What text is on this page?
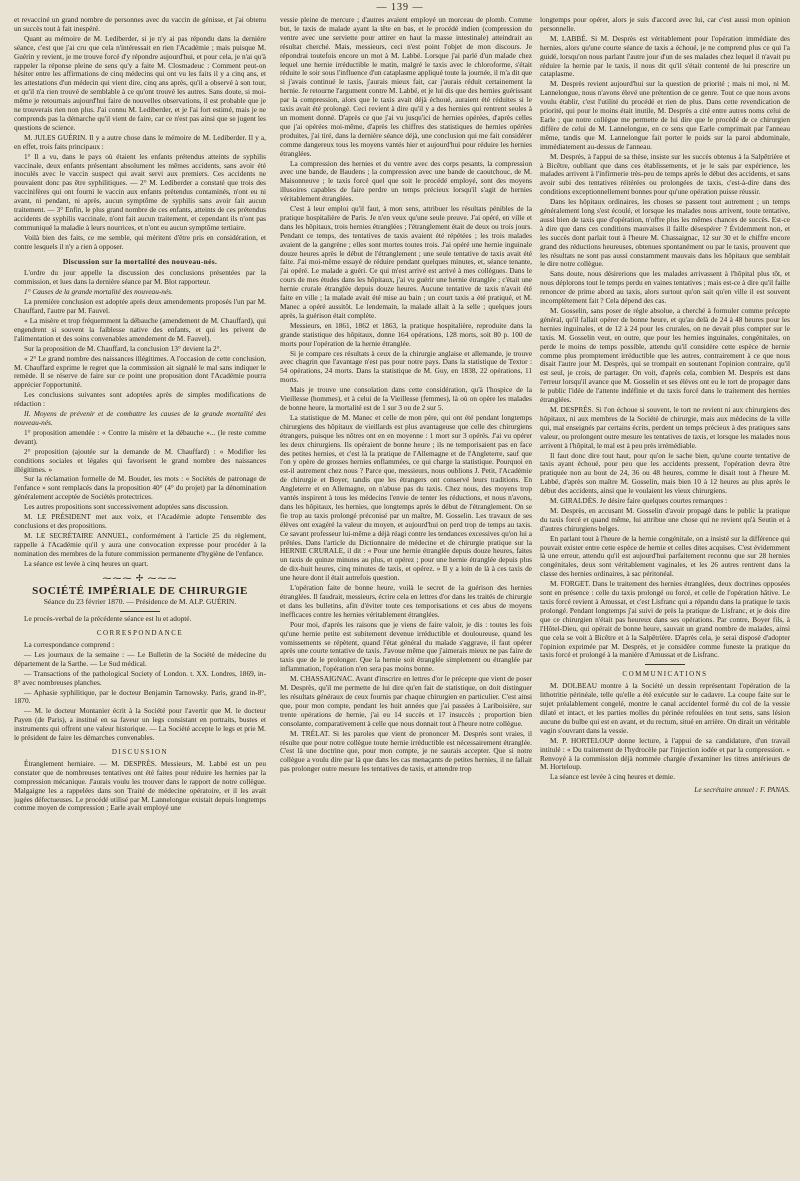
— 139 —

et revacciné un grand nombre de personnes avec du vaccin de génisse, et j'ai obtenu un succès tout à fait inespéré.

Quant au mémoire de M. Lediberder, si je n'y ai pas répondu dans la dernière séance, c'est que j'ai cru que cela n'intéressait en rien l'Académie ; mais puisque M. Guérin y revient, je me trouve forcé d'y répondre aujourd'hui, et pour cela, je n'ai qu'à rappeler la réponse pleine de sens qu'y a faite M. Closmadeuc : Comment peut-on hésiter entre les affirmations de cinq médecins qui ont vu les faits il y a cinq ans, et les attestations d'un médecin qui vient dire, cinq ans après, qu'il a observé à son tour, et qu'il n'a rien trouvé de semblable à ce qu'ont trouvé les autres. Sans doute, si moi-même je retournais aujourd'hui faire de nouvelles observations, il est probable que je ne trouverais rien non plus. J'ai connu M. Lediberder, et je l'ai fort estimé, mais je ne comprends pas la démarche qu'il vient de faire, car ce n'est pas ainsi que se jugent les questions de science.

M. JULES GUÉRIN. Il y a autre chose dans le mémoire de M. Lediberder. Il y a, en effet, trois faits principaux :

1° Il a vu, dans le pays où étaient les enfants prétendus atteints de syphilis vaccinale, deux enfants présentant absolument les mêmes accidents, sans avoir été inoculés avec le vaccin suspect qui avait servi aux premiers. Ces accidents ne pouvaient donc pas être syphilitiques. — 2° M. Lediberder a constaté que trois des vaccinifères qui ont fourni le vaccin aux enfants prétendus contaminés, n'ont eu ni avant, ni pendant, ni après, aucun symptôme de syphilis sans avoir fait aucun traitement. — 3° Enfin, le plus grand nombre de ces enfants, atteints de ces prétendus accidents de syphilis vaccinale, n'ont fait aucun traitement, et cependant ils n'ont pas communiqué la maladie à leurs nourrices, et n'ont eu aucun symptôme tertiaire.

Voilà bien des faits, ce me semble, qui méritent d'être pris en considération, et contre lesquels il n'y a rien à opposer.

Discussion sur la mortalité des nouveau-nés.

L'ordre du jour appelle la discussion des conclusions présentées par la commission, et lues dans la dernière séance par M. Blot rapporteur.

1° Causes de la grande mortalité des nouveau-nés.

La première conclusion est adoptée après deux amendements proposés l'un par M. Chauffard, l'autre par M. Fauvel.

« La misère et trop fréquemment la débauche (amendement de M. Chauffard), qui engendrent si souvent la faiblesse native des enfants, et qui les privent de l'alimentation et des soins convenables amendement de M. Fauvel).

Sur la proposition de M. Chauffard, la conclusion 13° devient la 2°.

« 2° Le grand nombre des naissances illégitimes. A l'occasion de cette conclusion, M. Chauffard exprime le regret que la commission ait signalé le mal sans indiquer le remède. Il se réserve de faire sur ce point une proposition dont l'Académie pourra apprécier l'opportunité.

Les conclusions suivantes sont adoptées après de simples modifications de rédaction :

II. Moyens de prévenir et de combattre les causes de la grande mortalité des nouveau-nés.

1° proposition amendée : « Contre la misère et la débauche »... (le reste comme devant).

2° proposition (ajoutée sur la demande de M. Chauffard) : « Modifier les conditions sociales et légales qui favorisent le grand nombre des naissances illégitimes. »

Sur la réclamation formelle de M. Boudet, les mots : « Sociétés de patronage de l'enfance » sont remplacés dans la proposition 40° (4° du projet) par la dénomination généralement acceptée de Sociétés protectrices.

Les autres propositions sont successivement adoptées sans discussion.

M. LE PRÉSIDENT met aux voix, et l'Académie adopte l'ensemble des conclusions et des propositions.

M. LE SECRÉTAIRE ANNUEL, conformément à l'article 25 du règlement, rappelle à l'Académie qu'il y aura une convocation expresse pour procéder à la nomination des membres de la future commission permanente d'hygiène de l'enfance.

La séance est levée à cinq heures un quart.

⁓⁓⁓ ✢ ⁓⁓⁓
SOCIÉTÉ IMPÉRIALE DE CHIRURGIE
Séance du 23 février 1870. — Présidence de M. ALP. GUÉRIN.

Le procès-verbal de la précédente séance est lu et adopté.

CORRESPONDANCE

La correspondance comprend :

— Les journaux de la semaine : — Le Bulletin de la Société de médecine du département de la Sarthe. — Le Sud médical.

— Transactions of the pathological Society of London. t. XX. Londres, 1869, in-8° avec nombreuses planches.

— Aphasie syphilitique, par le docteur Benjamin Tarnowsky. Paris, grand in-8°, 1870.

— M. le docteur Montanier écrit à la Société pour l'avertir que M. le docteur Payen (de Paris), a institué en sa faveur un legs consistant en portraits, bustes et instruments qui offrent une valeur historique. — La Société accepte le legs et prie M. le président de faire les démarches convenables.

DISCUSSION

Étranglement herniaire. — M. DESPRÈS. Messieurs, M. Labbé est un peu constater que de nombreuses tentatives ont été faites pour réduire les hernies par la compression mécanique. J'aurais voulu les trouver dans le rapport de notre collègue. Malgaigne les a rappelées dans son Traité de médecine opératoire, et il les avait jugées défectueuses. Le procédé utilisé par M. Lannelongue existait depuis longtemps comme moyen de compression ; Earle avait employé une

vessie pleine de mercure ; d'autres avaient employé un morceau de plomb. Comme but, le taxis de malade ayant la tête en bas, et le procédé indien (compression du ventre avec une serviette pour attirer en haut la masse intestinale) atteindrait au résultat cherché. Mais, messieurs, ceci n'est point l'objet de mon discours. Je répondrai toutefois encore un mot à M. Labbé. Lorsque j'ai parlé d'un malade chez lequel une hernie irréductible le matin, malgré le taxis avec le chloroforme, s'était réduite le soir sous l'influence d'un cataplasme appliqué toute la journée, il m'a dit que si j'avais continué le taxis, j'aurais mieux fait, car j'aurais réduit certainement la hernie. Je retourne l'argument contre M. Labbé, et je lui dis que des hernies guérissant par la compression, alors que le taxis avait déjà échoué, auraient été réduites si le taxis avait été prolongé. Ceci revient à dire qu'il y a des hernies qui rentrent seules à un moment donné. D'après ce que j'ai vu jusqu'ici de hernies opérées, d'après celles que j'ai opérées moi-même, d'après les chiffres des statistiques de hernies opérées produites, j'ai tiré, dans la dernière séance déjà, une conclusion qui me fait considérer comme dangereux tous les moyens vantés hier et aujourd'hui pour réduire les hernies étranglées.

La compression des hernies et du ventre avec des corps pesants, la compression avec une bande, de Baudens ; la compression avec une bande de caoutchouc, de M. Maisonneuve ; le taxis forcé quel que soit le procédé employé, sont des moyens illusoires capables de faire perdre un temps précieux lorsqu'il s'agit de hernies véritablement étranglées.

C'est à leur emploi qu'il faut, à mon sens, attribuer les résultats pénibles de la pratique hospitalière de Paris. Je n'en veux qu'une seule preuve. J'ai opéré, en ville et dans les hôpitaux, trois hernies étranglées ; l'étranglement était de deux ou trois jours. Pendant ce temps, des tentatives de taxis avaient été répétées ; les trois malades avaient de la gangrène ; elles sont mortes toutes trois. J'ai opéré une hernie inguinale douze heures après le début de l'étranglement ; une seule tentative de taxis avait été faite. J'ai moi-même essayé de réduire pendant quelques minutes, et, séance tenante, j'ai opéré. Le malade a guéri. Ce qui m'est arrivé est arrivé à mes collègues. Dans le cours de mes études dans les hôpitaux, j'ai vu guérir une hernie étranglée ; c'était une hernie crurale étranglée depuis douze heures. Aucune tentative de taxis n'avait été faite en ville ; la malade avait été mise au bain ; un court taxis a été pratiqué, et M. Manec a opéré aussitôt. Le lendemain, la malade allait à la selle ; quelques jours après, la guérison était complète.

Messieurs, en 1861, 1862 et 1863, la pratique hospitalière, reproduite dans la grande statistique des hôpitaux, donne 164 opérations, 128 morts, soit 80 p. 100 de morts pour l'opération de la hernie étranglée.

Si je compare ces résultats à ceux de la chirurgie anglaise et allemande, je trouve avec chagrin que l'avantage n'est pas pour notre pays. Dans la statistique de Textor : 54 opérations, 24 morts. Dans la statistique de M. Guy, en 1838, 22 opérations, 11 morts.

Mais je trouve une consolation dans cette considération, qu'à l'hospice de la Vieillesse (hommes), et à celui de la Vieillesse (femmes), là où on opère les malades de bonne heure, la mortalité est de 1 sur 3 ou de 2 sur 5.

La statistique de M. Manec et celle de mon père, qui ont été pendant longtemps chirurgiens des hôpitaux de vieillards est plus avantageuse que celle des chirurgiens étrangers, puisque les nôtres ont en en moyenne : 1 mort sur 3 opérés. J'ai vu opérer les deux chirurgiens. Ils opéraient de bonne heure ; ils ne temporisaient pas en face des petites hernies, et c'est là la pratique de l'Allemagne et de l'Angleterre, sauf que l'on y opère de grosses hernies enflammées, ce qui charge la statistique. Pourquoi en est-il autrement chez nous ? Parce que, messieurs, nous oublions J. Petit, l'Académie de chirurgie et Boyer, tandis que les étrangers ont conservé leurs traditions. En Angleterre et en Allemagne, on n'abuse pas du taxis. Chez nous, des moyens trop vantés inspirent à tous les médecins l'envie de tenter les réductions, et nous n'avons, dans les hôpitaux, les hernies, que longtemps après le début de l'étranglement. On se fie trop au taxis prolongé préconisé par un maître, M. Gosselin. Les travaux de ses élèves ont exagéré la valeur du moyen, et aujourd'hui on perd trop de temps au taxis. Ce savant professeur lui-même a déjà réagi contre les tendances excessives qu'on lui a prêtées. Dans l'article du Dictionnaire de médecine et de chirurgie pratique sur la HERNIE CRURALE, il dit : « Pour une hernie étranglée depuis douze heures, faites un taxis de quinze minutes au plus, et opérez ; pour une hernie étranglée depuis plus de dix-huit heures, cinq minutes de taxis, et opérez. » Il y a loin de là à ces taxis de une heure dont il était autrefois question.

L'opération faite de bonne heure, voilà le secret de la guérison des hernies étranglées. Il faudrait, messieurs, écrire cela en lettres d'or dans les traités de chirurgie et dans les bulletins, afin d'éviter toute ces temporisations et ces abus de moyens inefficaces contre les hernies véritablement étranglées.

Pour moi, d'après les raisons que je viens de faire valoir, je dis : toutes les fois qu'une hernie petite est subitement devenue irréductible et douloureuse, quand les vomissements se répètent, quand l'état général du malade s'aggrave, il faut opérer après une courte tentative de taxis. J'avoue même que j'aimerais mieux ne pas faire de taxis que de le prolonger. Que la hernie soit étranglée simplement ou étranglée par inflammation, l'opération n'en sera pas moins bonne.

M. CHASSAIGNAC. Avant d'inscrire en lettres d'or le précepte que vient de poser M. Desprès, qu'il me permette de lui dire qu'en fait de statistique, on doit distinguer les résultats généraux de ceux fournis par chaque chirurgien en particulier. C'est ainsi que, pour mon compte, pendant les huit années que j'ai passées à Lariboisière, sur trente opérations de hernie, j'ai eu 14 succès et 17 insuccès ; proportion bien consolante, comparativement à celle que nous donnait tout à l'heure notre collègue.

M. TRÉLAT. Si les paroles que vient de prononcer M. Desprès sont vraies, il résulte que pour notre collègue toute hernie irréductible est nécessairement étranglée. C'est là une doctrine que, pour mon compte, je ne saurais accepter. Que si notre collègue a voulu dire par là que dans les cas menaçants de petites hernies, il ne fallait pas prolonger outre mesure les tentatives de taxis, et attendre trop

longtemps pour opérer, alors je suis d'accord avec lui, car c'est aussi mon opinion personnelle.

M. LABBÉ. Si M. Desprès est véritablement pour l'opération immédiate des hernies, alors qu'une courte séance de taxis a échoué, je ne comprend plus ce qui l'a guidé, lorsqu'on nous parlant l'autre jour d'un de ses malades chez lequel il n'avait pu réduire la hernie par le taxis, il nous dit qu'il s'était contenté de lui prescrire un cataplasme.

M. Desprès revient aujourd'hui sur la question de priorité ; mais ni moi, ni M. Lannelongue, nous n'avons élevé une prétention de ce genre. Tout ce que nous avons voulu établir, c'est l'utilité du procédé et rien de plus. Dans cette revendication de priorité, qui pour le moins était inutile, M. Desprès a cité entre autres noms celui de Earle ; que notre collègue me permette de lui dire que le procédé de ce chirurgien diffère de celui de M. Lannelongue, en ce sens que Earle comprimait par l'anneau même, tandis que M. Lannelongue fait porter le poids sur la paroi abdominale, immédiatement au-dessus de l'anneau.

M. Desprès, à l'appui de sa thèse, insiste sur les succès obtenus à la Salpêtrière et à Bicêtre, oubliant que dans ces établissements, et je le sais par expérience, les malades arrivent à l'infirmerie très-peu de temps après le début des accidents, et sans avoir subi des tentatives réitérées ou prolongées de taxis, c'est-à-dire dans des conditions exceptionnellement bonnes pour qu'une opération puisse réussir.

Dans les hôpitaux ordinaires, les choses se passent tout autrement ; un temps généralement long s'est écoulé, et lorsque les malades nous arrivent, toute tentative, aussi bien de taxis que d'opération, n'offre plus les mêmes chances de succès. Est-ce à dire que dans ces conditions mauvaises il faille désespérer ? Évidemment non, et les succès dont parlait tout à l'heure M. Chassaignac, 12 sur 30 et le chiffre encore grand des réductions heureuses, obtenues spontanément ou par le taxis, prouvent que les résultats ne sont pas aussi constamment mauvais dans les hôpitaux que semblait le dire notre collègue.

Sans doute, nous désirerions que les malades arrivassent à l'hôpital plus tôt, et nous déplorons tout le temps perdu en vaines tentatives ; mais est-ce à dire qu'il faille renoncer de prime abord au taxis, alors surtout qu'on sait qu'en ville il est souvent incomplètement fait ? Cela dépend des cas.

M. Gosselin, sans poser de règle absolue, a cherché à formuler comme précepte général, qu'il fallait opérer de bonne heure, et qu'au delà de 24 à 48 heures pour les hernies inguinales, et de 12 à 24 pour les crurales, on ne devait plus compter sur le taxis. M. Gosselin veut, en outre, que pour les hernies inguinales, congénitales, on perde le moins de temps possible, attendu qu'il considère cette espèce de hernie comme plus promptement irréductible que les autres, contrairement à ce que nous disait l'autre jour M. Desprès, qui se trompait en soutenant l'opinion contraire, qu'il est seul, je crois, de partager. On voit, d'après cela, combien M. Desprès est dans l'erreur lorsqu'il avance que M. Gosselin et ses élèves ont eu le tort de propager dans le public l'idée de l'attente indéfinie et du taxis forcé dans le traitement des hernies étranglées.

M. DESPRÈS. Si l'on échoue si souvent, le tort ne revient ni aux chirurgiens des hôpitaux, ni aux membres de la Société de chirurgie, mais aux médecins de la ville qui, mal enseignés par certains écrits, perdent un temps précieux à des pratiques sans valeur, ou prolongent outre mesure les tentatives de taxis, et lorsque les malades nous arrivent à l'hôpital, le mal est à peu près irrémédiable.

Il faut donc dire tout haut, pour qu'on le sache bien, qu'une courte tentative de taxis ayant échoué, pour peu que les accidents pressent, l'opération devra être pratiquée non au bout de 24, 36 ou 48 heures, comme le disait tout à l'heure M. Labbé, d'après son maître M. Gosselin, mais bien 10 à 12 heures au plus après le début des accidents, ainsi que le voulaient les vieux chirurgiens.

M. GIRALDÈS. Je désire faire quelques courtes remarques :

M. Desprès, en accusant M. Gosselin d'avoir propagé dans le public la pratique du taxis forcé et quand même, lui attribue une chose qui ne revient qu'à Seutin et à d'autres chirurgiens belges.

En parlant tout à l'heure de la hernie congénitale, on a insisté sur la différence qui pouvait exister entre cette espèce de hernie et celles dites acquises. C'est évidemment là une erreur, attendu qu'il est aujourd'hui parfaitement reconnu que sur 28 hernies congénitales, deux sont véritablement vaginales, et les 26 autres rentrent dans la classe des hernies ordinaires, à sac péritonéal.

M. FORGET. Dans le traitement des hernies étranglées, deux doctrines opposées sont en présence : celle du taxis prolongé ou forcé, et celle de l'opération hâtive. Le taxis forcé revient à Amussat, et c'est Lisfranc qui a répandu dans la pratique le taxis prolongé. Pendant longtemps j'ai suivi de près la pratique de Lisfranc, et je dois dire que ce chirurgien n'était pas heureux dans ses opérations. Par contre, Boyer fils, à l'Hôtel-Dieu, qui opérait de bonne heure, sauvait un grand nombre de malades, ainsi que cela se voit à Bicêtre et à la Salpêtrière. D'après cela, je serai disposé d'adopter l'opinion exprimée par M. Desprès, et je considère comme funeste la pratique du taxis forcé et prolongé à la manière d'Amussat et de Lisfranc.

COMMUNICATIONS

M. DOLBEAU montre à la Société un dessin représentant l'opération de la lithotritie périnéale, telle qu'elle a été exécutée sur le cadavre. La coupe faite sur le sujet préalablement congelé, montre le canal accidentel formé du col de la vessie dilaté et intact, et les parties molles du périnée refoulées en tout sens, sans lésion aucune du bulbe qui est en avant, et du rectum, situé en arrière. On dirait un véritable vagin s'ouvrant dans la vessie.

M. P. HORTELOUP donne lecture, à l'appui de sa candidature, d'un travail intitulé : « Du traitement de l'hydrocèle par l'injection iodée et par la compression. » Renvoyé à la commission déjà nommée chargée d'examiner les titres antérieurs de M. Horteloup.

La séance est levée à cinq heures et demie.

Le secrétaire annuel : F. PANAS.
